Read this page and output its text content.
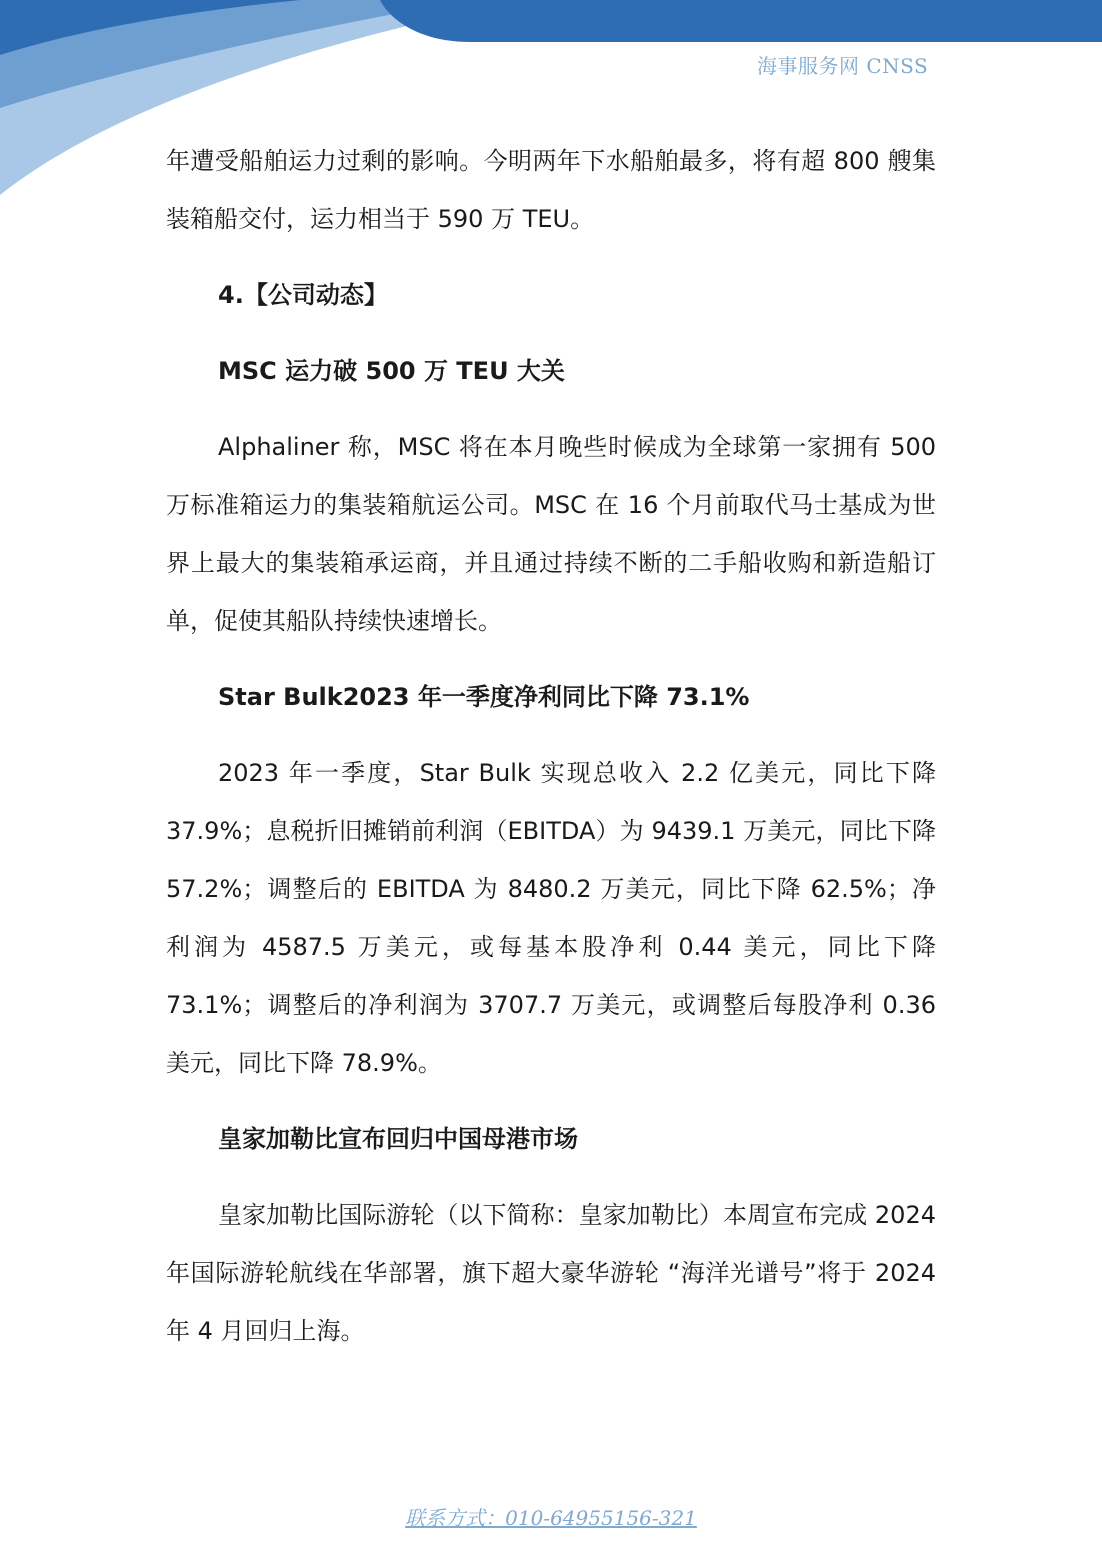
海事服务网 CNSS

年遭受船舶运力过剩的影响。今明两年下水船舶最多，将有超 800 艘集装箱船交付，运力相当于 590 万 TEU。

4.【公司动态】

MSC 运力破 500 万 TEU 大关

Alphaliner 称，MSC 将在本月晚些时候成为全球第一家拥有 500 万标准箱运力的集装箱航运公司。MSC 在 16 个月前取代马士基成为世界上最大的集装箱承运商，并且通过持续不断的二手船收购和新造船订单，促使其船队持续快速增长。

Star Bulk2023 年一季度净利同比下降 73.1%

2023 年一季度，Star Bulk 实现总收入 2.2 亿美元，同比下降 37.9%；息税折旧摊销前利润（EBITDA）为 9439.1 万美元，同比下降 57.2%；调整后的 EBITDA 为 8480.2 万美元，同比下降 62.5%；净利润为 4587.5 万美元，或每基本股净利 0.44 美元，同比下降 73.1%；调整后的净利润为 3707.7 万美元，或调整后每股净利 0.36 美元，同比下降 78.9%。

皇家加勒比宣布回归中国母港市场

皇家加勒比国际游轮（以下简称：皇家加勒比）本周宣布完成 2024 年国际游轮航线在华部署，旗下超大豪华游轮 “海洋光谱号”将于 2024 年 4 月回归上海。

联系方式：010-64955156-321
